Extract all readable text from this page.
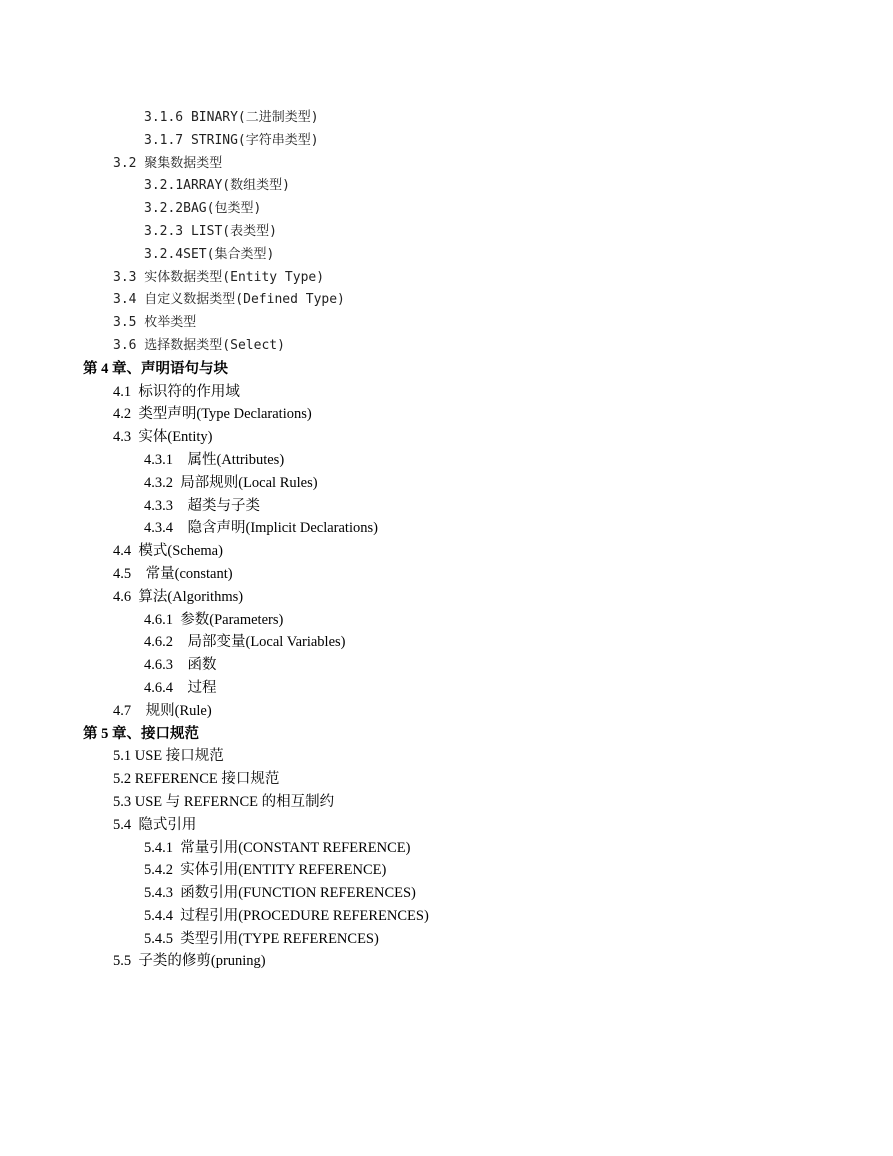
3.1.6 BINARY(二进制类型)
3.1.7 STRING(字符串类型)
3.2 聚集数据类型
3.2.1ARRAY(数组类型)
3.2.2BAG(包类型)
3.2.3 LIST(表类型)
3.2.4SET(集合类型)
3.3 实体数据类型(Entity Type)
3.4 自定义数据类型(Defined Type)
3.5 枚举类型
3.6 选择数据类型(Select)
第 4 章、声明语句与块
4.1  标识符的作用域
4.2  类型声明(Type Declarations)
4.3  实体(Entity)
4.3.1    属性(Attributes)
4.3.2  局部规则(Local Rules)
4.3.3    超类与子类
4.3.4    隐含声明(Implicit Declarations)
4.4  模式(Schema)
4.5    常量(constant)
4.6  算法(Algorithms)
4.6.1  参数(Parameters)
4.6.2    局部变量(Local Variables)
4.6.3    函数
4.6.4    过程
4.7    规则(Rule)
第 5 章、接口规范
5.1 USE 接口规范
5.2 REFERENCE 接口规范
5.3 USE 与 REFERNCE 的相互制约
5.4  隐式引用
5.4.1  常量引用(CONSTANT REFERENCE)
5.4.2  实体引用(ENTITY REFERENCE)
5.4.3  函数引用(FUNCTION REFERENCES)
5.4.4  过程引用(PROCEDURE REFERENCES)
5.4.5  类型引用(TYPE REFERENCES)
5.5  子类的修剪(pruning)
